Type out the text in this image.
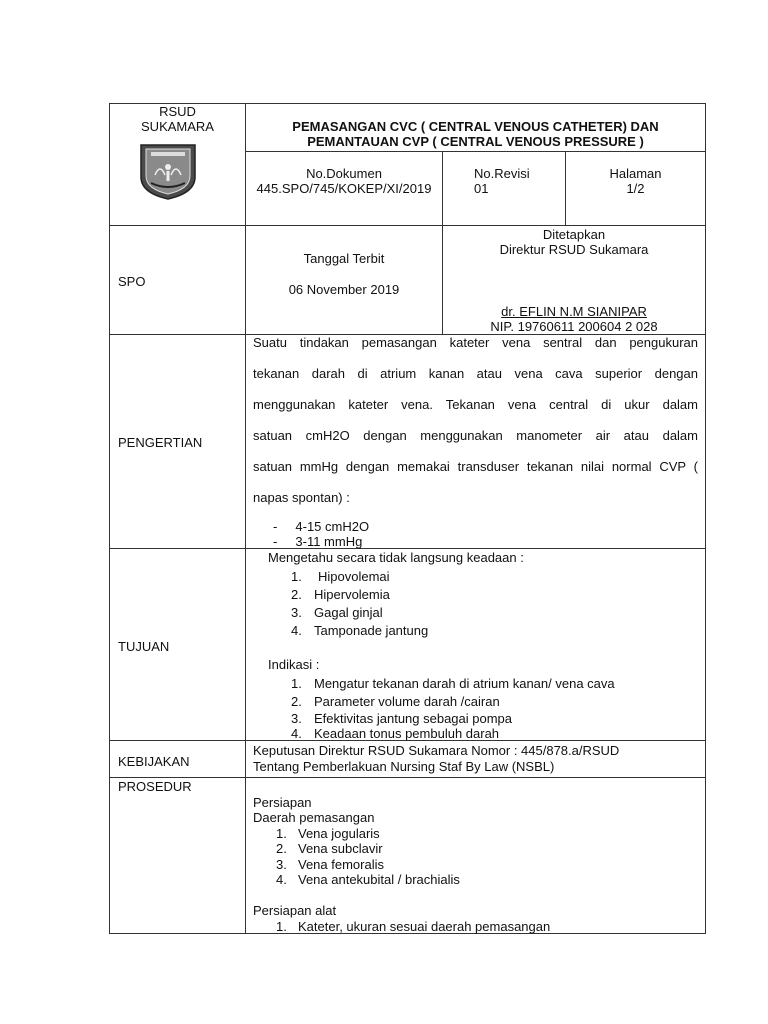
RSUD
SUKAMARA	PEMASANGAN CVC ( CENTRAL VENOUS CATHETER) DAN
PEMANTAUAN CVP ( CENTRAL VENOUS PRESSURE )
No.Dokumen
445.SPO/745/KOKEP/XI/2019
No.Revisi
01
Halaman
1/2
SPO
Tanggal Terbit
06 November 2019
Ditetapkan
Direktur RSUD Sukamara
dr. EFLIN N.M SIANIPAR
NIP. 19760611 200604 2 028
PENGERTIAN
Suatu tindakan pemasangan kateter vena sentral dan pengukuran
tekanan darah di atrium kanan atau vena cava superior dengan
menggunakan kateter vena. Tekanan vena central di ukur dalam
satuan cmH2O dengan menggunakan manometer air atau dalam
satuan mmHg dengan memakai transduser tekanan nilai normal CVP (
napas spontan) :
-     4-15 cmH2O
-     3-11 mmHg
TUJUAN
Mengetahu secara tidak langsung keadaan :
1. Hipovolemai
2. Hipervolemia
3. Gagal ginjal
4. Tamponade jantung
Indikasi :
1. Mengatur tekanan darah di atrium kanan/ vena cava
2. Parameter volume darah /cairan
3. Efektivitas jantung sebagai pompa
4. Keadaan tonus pembuluh darah
KEBIJAKAN
Keputusan Direktur RSUD Sukamara Nomor : 445/878.a/RSUD
Tentang Pemberlakuan Nursing Staf By Law (NSBL)
PROSEDUR
Persiapan
Daerah pemasangan
1. Vena jogularis
2. Vena subclavir
3. Vena femoralis
4. Vena antekubital / brachialis
Persiapan alat
1. Kateter, ukuran sesuai daerah pemasangan
